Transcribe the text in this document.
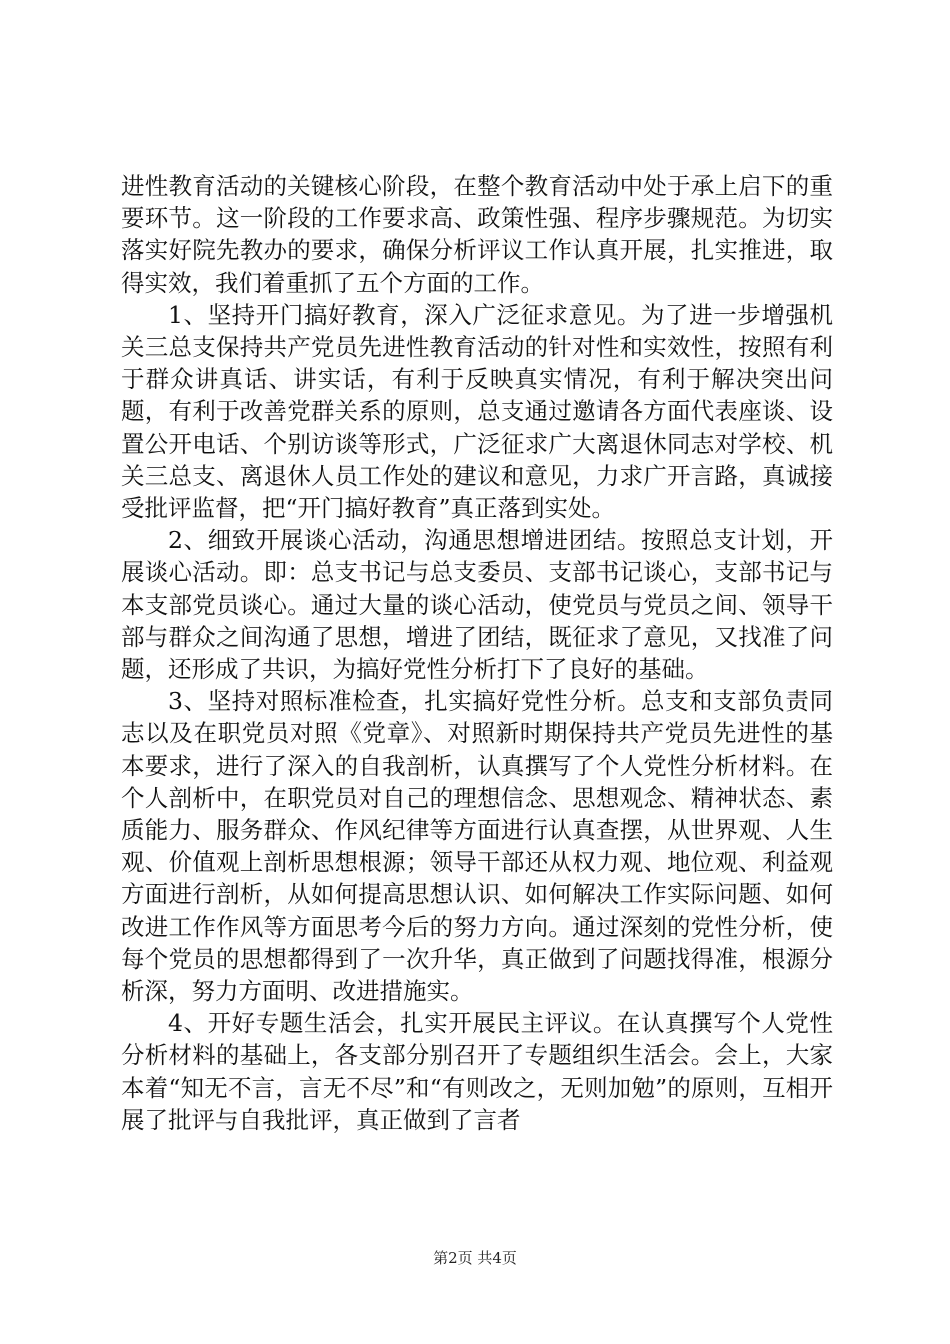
进性教育活动的关键核心阶段，在整个教育活动中处于承上启下的重要环节。这一阶段的工作要求高、政策性强、程序步骤规范。为切实落实好院先教办的要求，确保分析评议工作认真开展，扎实推进，取得实效，我们着重抓了五个方面的工作。

1、坚持开门搞好教育，深入广泛征求意见。为了进一步增强机关三总支保持共产党员先进性教育活动的针对性和实效性，按照有利于群众讲真话、讲实话，有利于反映真实情况，有利于解决突出问题，有利于改善党群关系的原则，总支通过邀请各方面代表座谈、设置公开电话、个别访谈等形式，广泛征求广大离退休同志对学校、机关三总支、离退休人员工作处的建议和意见，力求广开言路，真诚接受批评监督，把“开门搞好教育”真正落到实处。

2、细致开展谈心活动，沟通思想增进团结。按照总支计划，开展谈心活动。即：总支书记与总支委员、支部书记谈心，支部书记与本支部党员谈心。通过大量的谈心活动，使党员与党员之间、领导干部与群众之间沟通了思想，增进了团结，既征求了意见，又找准了问题，还形成了共识，为搞好党性分析打下了良好的基础。

3、坚持对照标准检查，扎实搞好党性分析。总支和支部负责同志以及在职党员对照《党章》、对照新时期保持共产党员先进性的基本要求，进行了深入的自我剖析，认真撰写了个人党性分析材料。在个人剖析中，在职党员对自己的理想信念、思想观念、精神状态、素质能力、服务群众、作风纪律等方面进行认真查摆，从世界观、人生观、价值观上剖析思想根源；领导干部还从权力观、地位观、利益观方面进行剖析，从如何提高思想认识、如何解决工作实际问题、如何改进工作作风等方面思考今后的努力方向。通过深刻的党性分析，使每个党员的思想都得到了一次升华，真正做到了问题找得准，根源分析深，努力方面明、改进措施实。

4、开好专题生活会，扎实开展民主评议。在认真撰写个人党性分析材料的基础上，各支部分别召开了专题组织生活会。会上，大家本着“知无不言，言无不尽”和“有则改之，无则加勉”的原则，互相开展了批评与自我批评，真正做到了言者

第2页 共4页
